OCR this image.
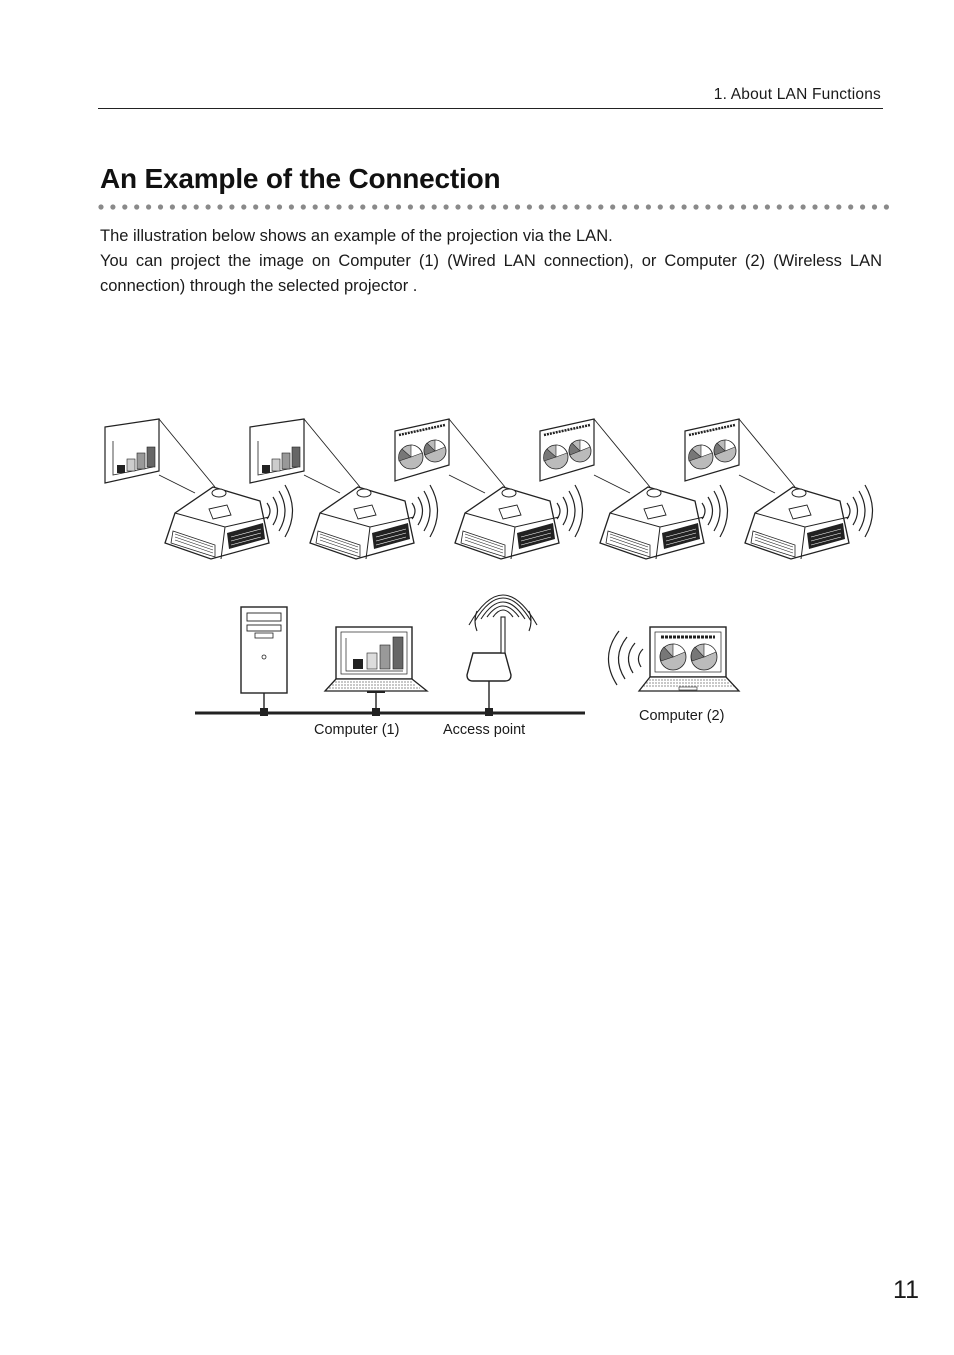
1. About LAN Functions
An Example of the Connection

The illustration below shows an example of the projection via the LAN.

You can project the image on Computer (1) (Wired LAN connection), or Computer (2) (Wireless LAN connection) through the selected projector .

Computer (1)	Access point
Computer (2)
11
